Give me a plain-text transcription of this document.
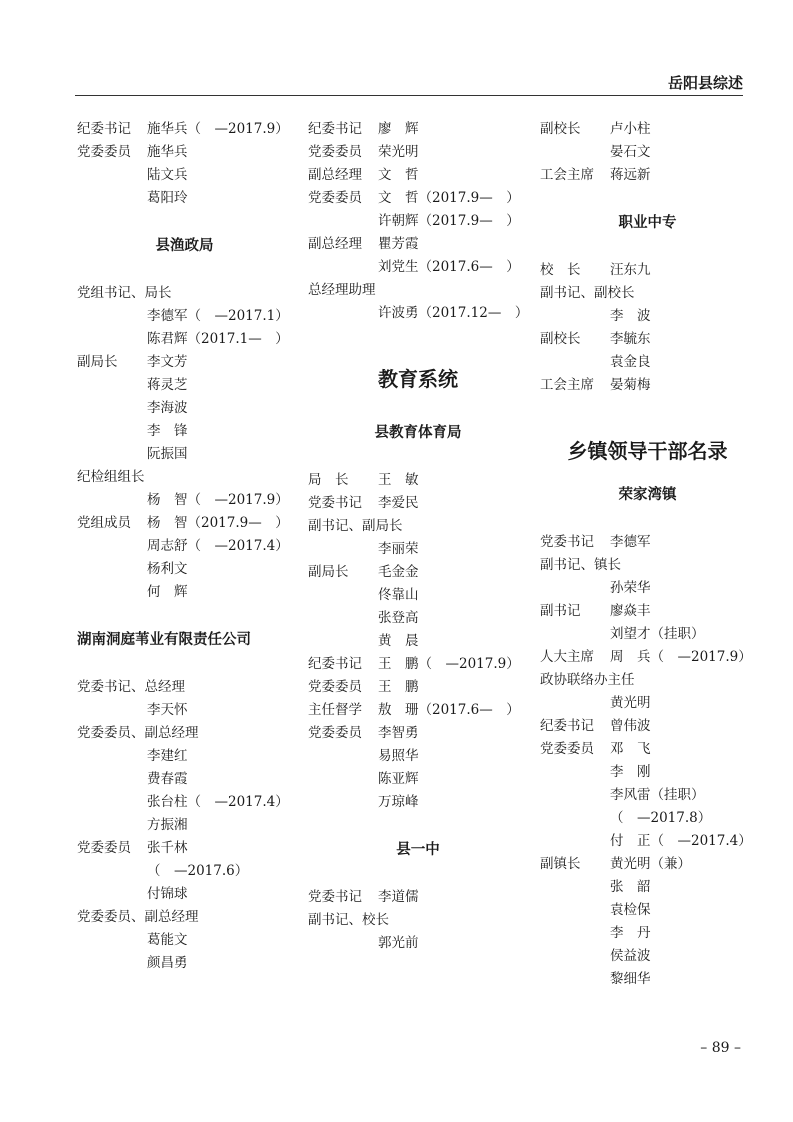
岳阳县综述
纪委书记	施华兵（　—2017.9）
党委委员	施华兵
陆文兵
葛阳玲
县渔政局
党组书记、局长
李德军（　—2017.1）
陈君辉（2017.1—　）
副局长	李文芳
蒋灵芝
李海波
李　锋
阮振国
纪检组组长
杨　智（　—2017.9）
党组成员	杨　智（2017.9—　）
周志舒（　—2017.4）
杨利文
何　辉
湖南洞庭苇业有限责任公司
党委书记、总经理
李天怀
党委委员、副总经理
李建红
费春霞
张台柱（　—2017.4）
方振湘
党委委员	张千林
（　—2017.6）
付锦球
党委委员、副总经理
葛能文
颜昌勇
纪委书记	廖　辉
党委委员	荣光明
副总经理	文　哲
党委委员	文　哲（2017.9—　）
许朝辉（2017.9—　）
副总经理	瞿芳霞
刘党生（2017.6—　）
总经理助理
许波勇（2017.12—　）
教育系统
县教育体育局
局　长	王　敏
党委书记	李爱民
副书记、副局长
李丽荣
副局长	毛金金
佟靠山
张登高
黄　晨
纪委书记	王　鹏（　—2017.9）
党委委员	王　鹏
主任督学	敖　珊（2017.6—　）
党委委员	李智勇
易照华
陈亚辉
万琼峰
县一中
党委书记	李道儒
副书记、校长
郭光前
副校长	卢小柱
晏石文
工会主席	蒋远新
职业中专
校　长	汪东九
副书记、副校长
李　波
副校长	李毓东
袁金良
工会主席	晏菊梅
乡镇领导干部名录
荣家湾镇
党委书记	李德军
副书记、镇长
孙荣华
副书记	廖焱丰
刘望才（挂职）
人大主席	周　兵（　—2017.9）
政协联络办主任
黄光明
纪委书记	曾伟波
党委委员	邓　飞
李　刚
李风雷（挂职）
（　—2017.8）
付　正（　—2017.4）
副镇长	黄光明（兼）
张　韶
袁检保
李　丹
侯益波
黎细华
– 89 –
